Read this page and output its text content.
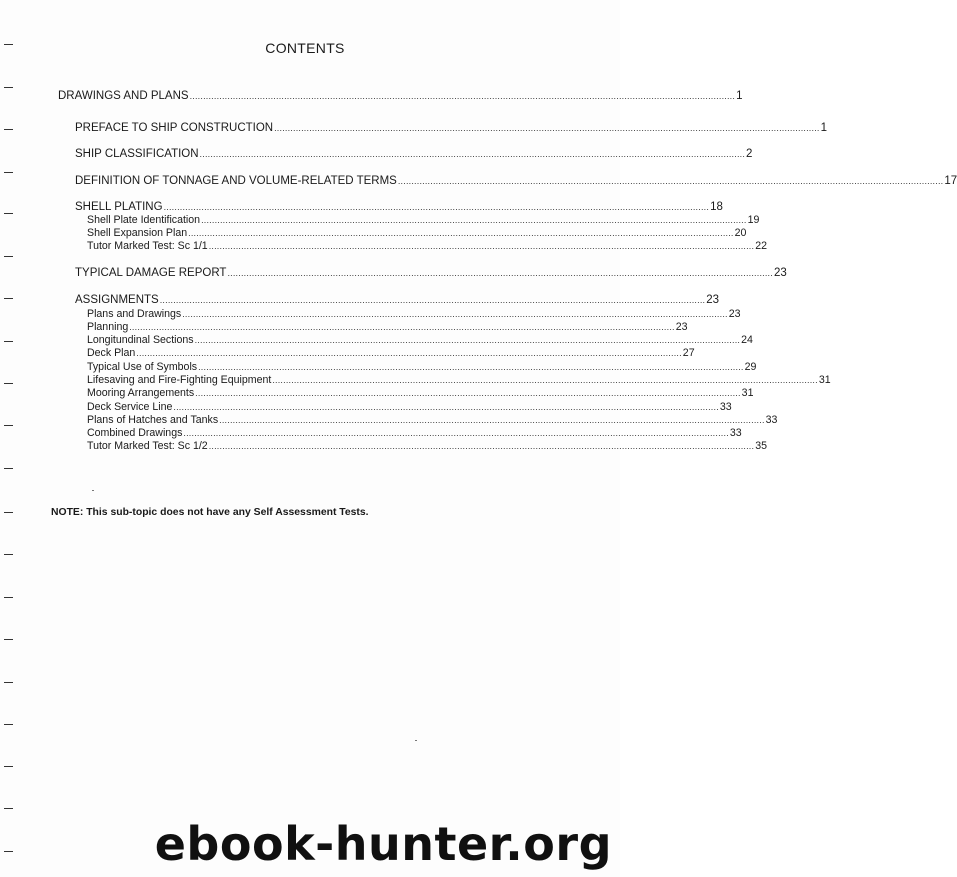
CONTENTS
DRAWINGS AND PLANS .......................................................................................................................................................................................................... 1
PREFACE TO SHIP CONSTRUCTION .......................................................................................................................................................................................................... 1
SHIP CLASSIFICATION .......................................................................................................................................................................................................... 2
DEFINITION OF TONNAGE AND VOLUME-RELATED TERMS .......................................................................................................................................................................................................... 17
SHELL PLATING .......................................................................................................................................................................................................... 18
Shell Plate Identification .......................................................................................................................................................................................................... 19
Shell Expansion Plan .......................................................................................................................................................................................................... 20
Tutor Marked Test: Sc 1/1 .......................................................................................................................................................................................................... 22
TYPICAL DAMAGE REPORT .......................................................................................................................................................................................................... 23
ASSIGNMENTS .......................................................................................................................................................................................................... 23
Plans and Drawings .......................................................................................................................................................................................................... 23
Planning .......................................................................................................................................................................................................... 23
Longitundinal Sections .......................................................................................................................................................................................................... 24
Deck Plan .......................................................................................................................................................................................................... 27
Typical Use of Symbols .......................................................................................................................................................................................................... 29
Lifesaving and Fire-Fighting Equipment .......................................................................................................................................................................................................... 31
Mooring Arrangements .......................................................................................................................................................................................................... 31
Deck Service Line .......................................................................................................................................................................................................... 33
Plans of Hatches and Tanks .......................................................................................................................................................................................................... 33
Combined Drawings .......................................................................................................................................................................................................... 33
Tutor Marked Test: Sc 1/2 .......................................................................................................................................................................................................... 35
NOTE: This sub-topic does not have any Self Assessment Tests.
ebook-hunter.org
